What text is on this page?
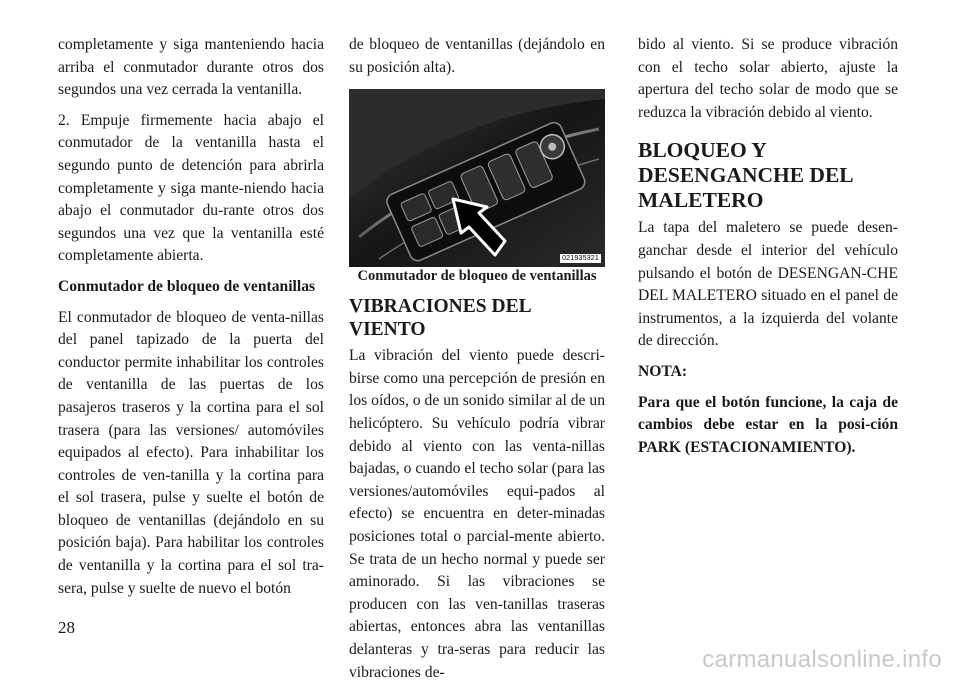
completamente y siga manteniendo hacia arriba el conmutador durante otros dos segundos una vez cerrada la ventanilla.

2. Empuje firmemente hacia abajo el conmutador de la ventanilla hasta el segundo punto de detención para abrirla completamente y siga mante-niendo hacia abajo el conmutador du-rante otros dos segundos una vez que la ventanilla esté completamente abierta.

Conmutador de bloqueo de ventanillas

El conmutador de bloqueo de venta-nillas del panel tapizado de la puerta del conductor permite inhabilitar los controles de ventanilla de las puertas de los pasajeros traseros y la cortina para el sol trasera (para las versiones/ automóviles equipados al efecto). Para inhabilitar los controles de ven-tanilla y la cortina para el sol trasera, pulse y suelte el botón de bloqueo de ventanillas (dejándolo en su posición baja). Para habilitar los controles de ventanilla y la cortina para el sol tra-sera, pulse y suelte de nuevo el botón

de bloqueo de ventanillas (dejándolo en su posición alta).

021935321

Conmutador de bloqueo de ventanillas

VIBRACIONES DEL VIENTO

La vibración del viento puede descri-birse como una percepción de presión en los oídos, o de un sonido similar al de un helicóptero. Su vehículo podría vibrar debido al viento con las venta-nillas bajadas, o cuando el techo solar (para las versiones/automóviles equi-pados al efecto) se encuentra en deter-minadas posiciones total o parcial-mente abierto. Se trata de un hecho normal y puede ser aminorado. Si las vibraciones se producen con las ven-tanillas traseras abiertas, entonces abra las ventanillas delanteras y tra-seras para reducir las vibraciones de-

bido al viento. Si se produce vibración con el techo solar abierto, ajuste la apertura del techo solar de modo que se reduzca la vibración debido al viento.

BLOQUEO Y DESENGANCHE DEL MALETERO

La tapa del maletero se puede desen-ganchar desde el interior del vehículo pulsando el botón de DESENGAN-CHE DEL MALETERO situado en el panel de instrumentos, a la izquierda del volante de dirección.

NOTA:

Para que el botón funcione, la caja de cambios debe estar en la posi-ción PARK (ESTACIONAMIENTO).

28
carmanualsonline.info
